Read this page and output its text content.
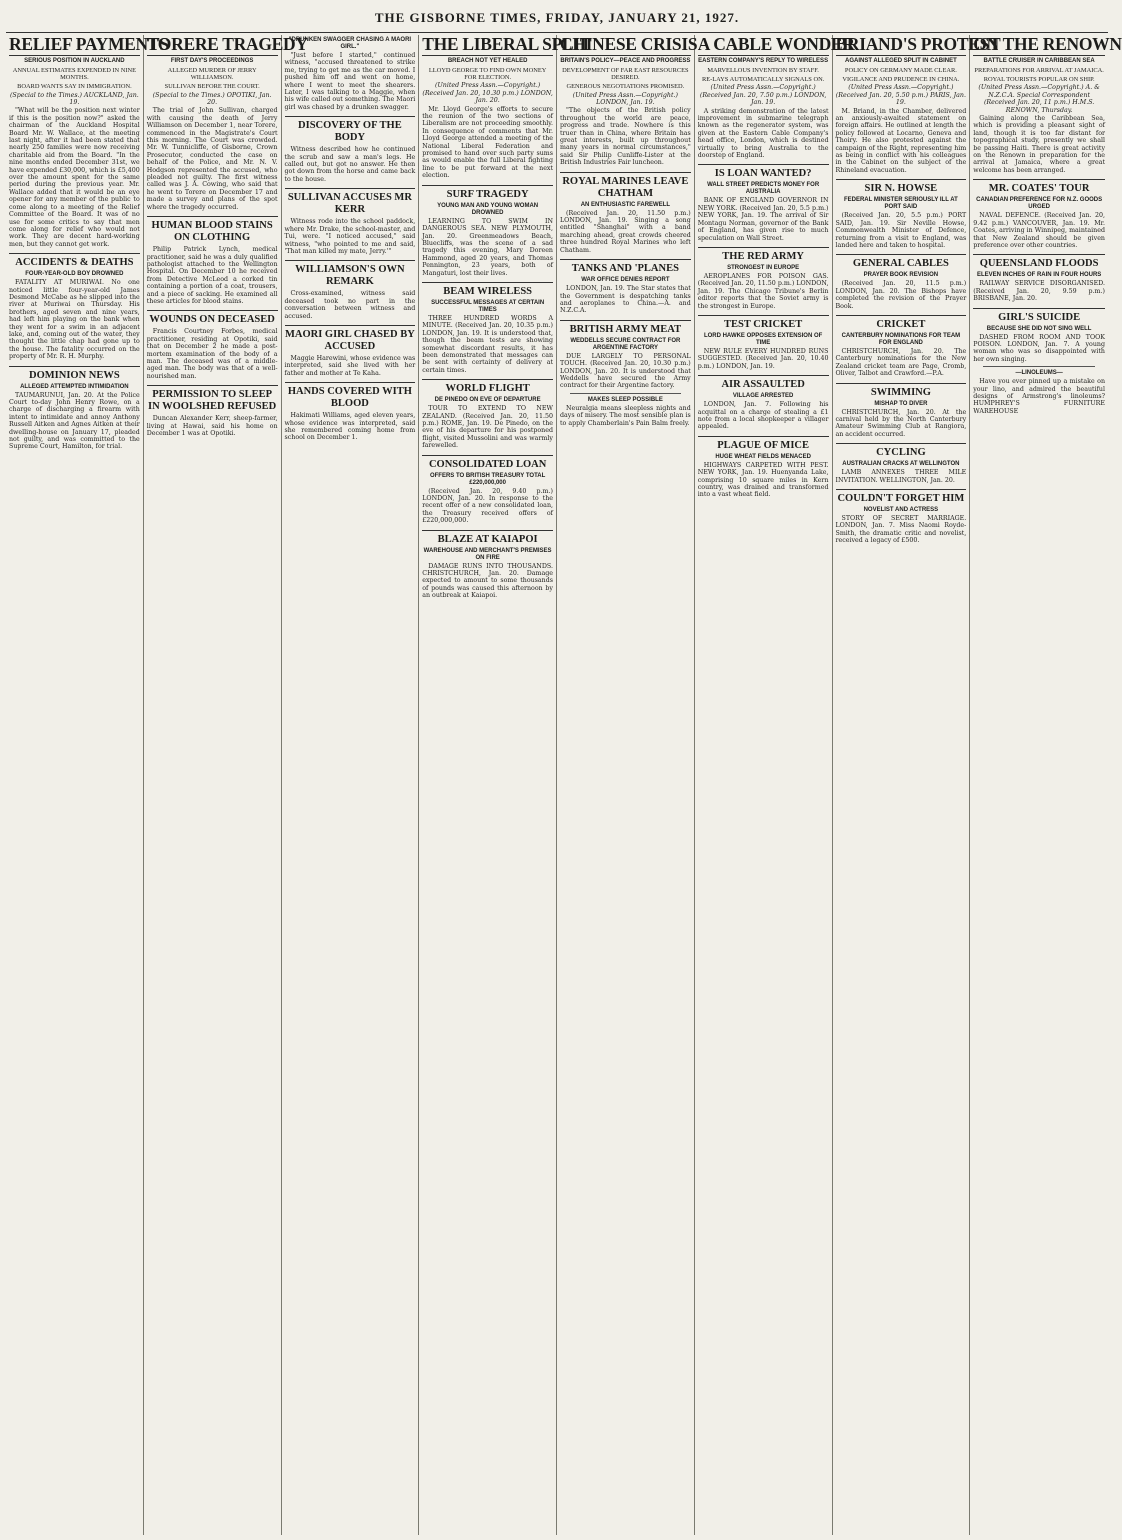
THE GISBORNE TIMES, FRIDAY, JANUARY 21, 1927.
RELIEF PAYMENTS
SERIOUS POSITION IN AUCKLAND
ANNUAL ESTIMATES EXPENDED IN NINE MONTHS.
BOARD WANTS SAY IN IMMIGRATION.
(Special to the Times.) AUCKLAND, Jan. 19.

"What will be the position next winter if this is the position now?" asked the chairman of the Auckland Hospital Board Mr. W. Wallace, at the meeting last night, after it had been stated that nearly 250 families were now receiving charitable aid from the Board. "In the nine months ended December 31st, we have expended £30,000, which is £5,400 over the amount spent for the same period during the previous year. Mr. Wallace added that it would be an eye opener for any member of the public to come along to a meeting of the Relief Committee of the Board. It was of no use for some critics to say that men come along for relief who would not work. They are decent hard-working men, but they cannot get work.

ACCIDENTS & DEATHS
FOUR-YEAR-OLD BOY DROWNED

FATALITY AT MURIWAI. No one noticed little four-year-old James Desmond McCabe as he slipped into the river at Muriwai on Thursday. His brothers, aged seven and nine years, had left him playing on the bank when they went for a swim in an adjacent lake, and, coming out of the water, they thought the little chap had gone up to the house. The fatality occurred on the property of Mr. R. H. Murphy.

DOMINION NEWS
ALLEGED ATTEMPTED INTIMIDATION

TAUMARUNUI, Jan. 20. At the Police Court to-day John Henry Rowe, on a charge of discharging a firearm with intent to intimidate and annoy Anthony Russell Aitken and Agnes Aitken at their dwelling-house on January 17, pleaded not guilty, and was committed to the Supreme Court, Hamilton, for trial.

TORERE TRAGEDY
FIRST DAY'S PROCEEDINGS
ALLEGED MURDER OF JERRY WILLIAMSON.
SULLIVAN BEFORE THE COURT.
(Special to the Times.) OPOTIKI, Jan. 20.

The trial of John Sullivan, charged with causing the death of Jerry Williamson on December 1, near Torere, commenced in the Magistrate's Court this morning. The Court was crowded. Mr. W. Tunnicliffe, of Gisborne, Crown Prosecutor, conducted the case on behalf of the Police, and Mr. N. V. Hodgson represented the accused, who pleaded not guilty. The first witness called was J. A. Cowing, who said that he went to Torere on December 17 and made a survey and plans of the spot where the tragedy occurred.

HUMAN BLOOD STAINS ON CLOTHING

Philip Patrick Lynch, medical practitioner, said he was a duly qualified pathologist attached to the Wellington Hospital. On December 10 he received from Detective McLeod a corked tin containing a portion of a coat, trousers, and a piece of sacking. He examined all these articles for blood stains.

WOUNDS ON DECEASED

Francis Courtney Forbes, medical practitioner, residing at Opotiki, said that on December 2 he made a post-mortem examination of the body of a man. The deceased was of a middle-aged man. The body was that of a well-nourished man.

PERMISSION TO SLEEP IN WOOLSHED REFUSED

Duncan Alexander Kerr, sheep-farmer, living at Hawai, said his home on December 1 was at Opotiki.

"DRUNKEN SWAGGER CHASING A MAORI GIRL."

"Just before I started," continued witness, "accused threatened to strike me, trying to get me as the car moved. I pushed him off and went on home, where I went to meet the shearers. Later, I was talking to a Maggie, when his wife called out something. The Maori girl was chased by a drunken swagger.

DISCOVERY OF THE BODY

Witness described how he continued the scrub and saw a man's legs. He called out, but got no answer. He then got down from the horse and came back to the house.

SULLIVAN ACCUSES MR KERR

Witness rode into the school paddock, where Mr. Drake, the school-master, and Tui, were. "I noticed accused," said witness, "who pointed to me and said, 'That man killed my mate, Jerry.'"

WILLIAMSON'S OWN REMARK

Cross-examined, witness said deceased took no part in the conversation between witness and accused.

MAORI GIRL CHASED BY ACCUSED

Maggie Harewini, whose evidence was interpreted, said she lived with her father and mother at Te Kaha.

HANDS COVERED WITH BLOOD

Hakimati Williams, aged eleven years, whose evidence was interpreted, said she remembered coming home from school on December 1.

THE LIBERAL SPLIT
BREACH NOT YET HEALED
LLOYD GEORGE TO FIND OWN MONEY FOR ELECTION.
(United Press Assn.—Copyright.) (Received Jan. 20, 10.30 p.m.) LONDON, Jan. 20.

Mr. Lloyd George's efforts to secure the reunion of the two sections of Liberalism are not proceeding smoothly. In consequence of comments that Mr. Lloyd George attended a meeting of the National Liberal Federation and promised to hand over such party sums as would enable the full Liberal fighting line to be put forward at the next election.

SURF TRAGEDY
YOUNG MAN AND YOUNG WOMAN DROWNED

LEARNING TO SWIM IN DANGEROUS SEA. NEW PLYMOUTH, Jan. 20. Greenmeadows Beach, Bluecliffs, was the scene of a sad tragedy this evening, Mary Doreen Hammond, aged 20 years, and Thomas Pennington, 23 years, both of Mangaturi, lost their lives.

BEAM WIRELESS
SUCCESSFUL MESSAGES AT CERTAIN TIMES

THREE HUNDRED WORDS A MINUTE. (Received Jan. 20, 10.35 p.m.) LONDON, Jan. 19. It is understood that, though the beam tests are showing somewhat discordant results, it has been demonstrated that messages can be sent with certainty of delivery at certain times.

WORLD FLIGHT
DE PINEDO ON EVE OF DEPARTURE

TOUR TO EXTEND TO NEW ZEALAND. (Received Jan. 20, 11.50 p.m.) ROME, Jan. 19. De Pinedo, on the eve of his departure for his postponed flight, visited Mussolini and was warmly farewelled.

CONSOLIDATED LOAN
OFFERS TO BRITISH TREASURY TOTAL £220,000,000

(Received Jan. 20, 9.40 p.m.) LONDON, Jan. 20. In response to the recent offer of a new consolidated loan, the Treasury received offers of £220,000,000.

BLAZE AT KAIAPOI
WAREHOUSE AND MERCHANT'S PREMISES ON FIRE

DAMAGE RUNS INTO THOUSANDS. CHRISTCHURCH, Jan. 20. Damage expected to amount to some thousands of pounds was caused this afternoon by an outbreak at Kaiapoi.

CHINESE CRISIS
BRITAIN'S POLICY—PEACE AND PROGRESS
DEVELOPMENT OF FAR EAST RESOURCES DESIRED.
GENEROUS NEGOTIATIONS PROMISED.
(United Press Assn.—Copyright.) LONDON, Jan. 19.

"The objects of the British policy throughout the world are peace, progress and trade. Nowhere is this truer than in China, where Britain has great interests, built up throughout many years in normal circumstances," said Sir Philip Cunliffe-Lister at the British Industries Fair luncheon.

ROYAL MARINES LEAVE CHATHAM
AN ENTHUSIASTIC FAREWELL

(Received Jan. 20, 11.50 p.m.) LONDON, Jan. 19. Singing a song entitled "Shanghai" with a band marching ahead, great crowds cheered three hundred Royal Marines who left Chatham.

TANKS AND 'PLANES
WAR OFFICE DENIES REPORT

LONDON, Jan. 19. The Star states that the Government is despatching tanks and aeroplanes to China.—A. and N.Z.C.A.

BRITISH ARMY MEAT
WEDDELLS SECURE CONTRACT FOR ARGENTINE FACTORY

DUE LARGELY TO PERSONAL TOUCH. (Received Jan. 20, 10.30 p.m.) LONDON, Jan. 20. It is understood that Weddells have secured the Army contract for their Argentine factory.

MAKES SLEEP POSSIBLE

Neuralgia means sleepless nights and days of misery. The most sensible plan is to apply Chamberlain's Pain Balm freely.

A CABLE WONDER
EASTERN COMPANY'S REPLY TO WIRELESS
MARVELLOUS INVENTION BY STAFF.
RE-LAYS AUTOMATICALLY SIGNALS ON.
(United Press Assn.—Copyright.) (Received Jan. 20, 7.50 p.m.) LONDON, Jan. 19.

A striking demonstration of the latest improvement in submarine telegraph known as the regenerator system, was given at the Eastern Cable Company's head office, London, which is destined virtually to bring Australia to the doorstep of England.

IS LOAN WANTED?
WALL STREET PREDICTS MONEY FOR AUSTRALIA

BANK OF ENGLAND GOVERNOR IN NEW YORK. (Received Jan. 20, 5.5 p.m.) NEW YORK, Jan. 19. The arrival of Sir Montagu Norman, governor of the Bank of England, has given rise to much speculation on Wall Street.

THE RED ARMY
STRONGEST IN EUROPE

AEROPLANES FOR POISON GAS. (Received Jan. 20, 11.50 p.m.) LONDON, Jan. 19. The Chicago Tribune's Berlin editor reports that the Soviet army is the strongest in Europe.

TEST CRICKET
LORD HAWKE OPPOSES EXTENSION OF TIME

NEW RULE EVERY HUNDRED RUNS SUGGESTED. (Received Jan. 20, 10.40 p.m.) LONDON, Jan. 19.

AIR ASSAULTED
VILLAGE ARRESTED

LONDON, Jan. 7. Following his acquittal on a charge of stealing a £1 note from a local shopkeeper a villager appealed.

PLAGUE OF MICE
HUGE WHEAT FIELDS MENACED

HIGHWAYS CARPETED WITH PEST. NEW YORK, Jan. 19. Huenyanda Lake, comprising 10 square miles in Kern country, was drained and transformed into a vast wheat field.

BRIAND'S PROTEST
AGAINST ALLEGED SPLIT IN CABINET
POLICY ON GERMANY MADE CLEAR.
VIGILANCE AND PRUDENCE IN CHINA.
(United Press Assn.—Copyright.) (Received Jan. 20, 5.50 p.m.) PARIS, Jan. 19.

M. Briand, in the Chamber, delivered an anxiously-awaited statement on foreign affairs. He outlined at length the policy followed at Locarno, Geneva and Thoiry. He also protested against the campaign of the Right, representing him as being in conflict with his colleagues in the Cabinet on the subject of the Rhineland evacuation.

SIR N. HOWSE
FEDERAL MINISTER SERIOUSLY ILL AT PORT SAID

(Received Jan. 20, 5.5 p.m.) PORT SAID, Jan. 19. Sir Neville Howse, Commonwealth Minister of Defence, returning from a visit to England, was landed here and taken to hospital.

GENERAL CABLES
PRAYER BOOK REVISION

(Received Jan. 20, 11.5 p.m.) LONDON, Jan. 20. The Bishops have completed the revision of the Prayer Book.

CRICKET
CANTERBURY NOMINATIONS FOR TEAM FOR ENGLAND

CHRISTCHURCH, Jan. 20. The Canterbury nominations for the New Zealand cricket team are Page, Cromb, Oliver, Talbot and Crawford.—P.A.

SWIMMING
MISHAP TO DIVER

CHRISTCHURCH, Jan. 20. At the carnival held by the North Canterbury Amateur Swimming Club at Rangiora, an accident occurred.

CYCLING
AUSTRALIAN CRACKS AT WELLINGTON

LAMB ANNEXES THREE MILE INVITATION. WELLINGTON, Jan. 20.

COULDN'T FORGET HIM
NOVELIST AND ACTRESS

STORY OF SECRET MARRIAGE. LONDON, Jan. 7. Miss Naomi Royde-Smith, the dramatic critic and novelist, received a legacy of £500.

ON THE RENOWN
BATTLE CRUISER IN CARIBBEAN SEA
PREPARATIONS FOR ARRIVAL AT JAMAICA.
ROYAL TOURISTS POPULAR ON SHIP.
(United Press Assn.—Copyright.) A. & N.Z.C.A. Special Correspondent (Received Jan. 20, 11 p.m.) H.M.S. RENOWN, Thursday.

Gaining along the Caribbean Sea, which is providing a pleasant sight of land, though it is too far distant for topographical study, presently we shall be passing Haiti. There is great activity on the Renown in preparation for the arrival at Jamaica, where a great welcome has been arranged.

MR. COATES' TOUR
CANADIAN PREFERENCE FOR N.Z. GOODS URGED

NAVAL DEFENCE. (Received Jan. 20, 9.42 p.m.) VANCOUVER, Jan. 19. Mr. Coates, arriving in Winnipeg, maintained that New Zealand should be given preference over other countries.

QUEENSLAND FLOODS
ELEVEN INCHES OF RAIN IN FOUR HOURS

RAILWAY SERVICE DISORGANISED. (Received Jan. 20, 9.59 p.m.) BRISBANE, Jan. 20.

GIRL'S SUICIDE
BECAUSE SHE DID NOT SING WELL

DASHED FROM ROOM AND TOOK POISON. LONDON, Jan. 7. A young woman who was so disappointed with her own singing.

—LINOLEUMS—

Have you ever pinned up a mistake on your lino, and admired the beautiful designs of Armstrong's linoleums? HUMPHREY'S FURNITURE WAREHOUSE
